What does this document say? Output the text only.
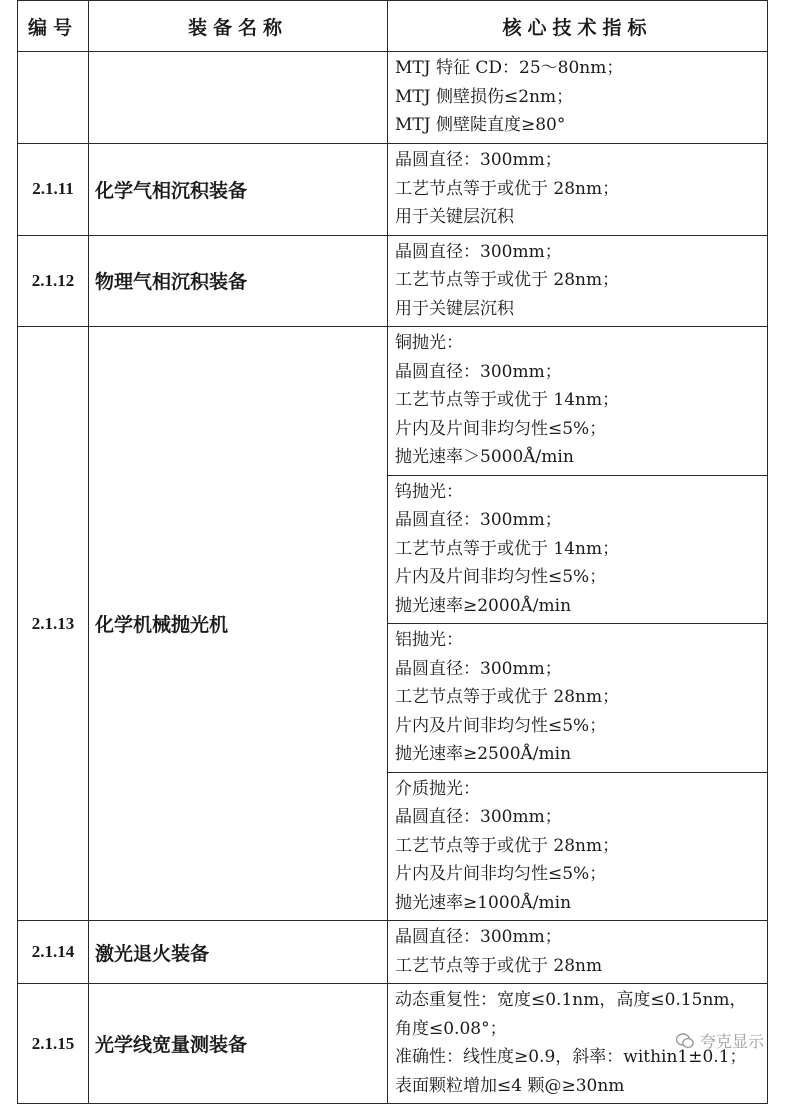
编号	装备名称	核心技术指标

		MTJ 特征 CD：25～80nm；
MTJ 侧壁损伤≤2nm；
MTJ 侧壁陡直度≥80°

2.1.11	化学气相沉积装备	晶圆直径：300mm；
工艺节点等于或优于 28nm；
用于关键层沉积

2.1.12	物理气相沉积装备	晶圆直径：300mm；
工艺节点等于或优于 28nm；
用于关键层沉积

2.1.13	化学机械抛光机	铜抛光：
晶圆直径：300mm；
工艺节点等于或优于 14nm；
片内及片间非均匀性≤5%；
抛光速率＞5000Å/min

		钨抛光：
晶圆直径：300mm；
工艺节点等于或优于 14nm；
片内及片间非均匀性≤5%；
抛光速率≥2000Å/min

		铝抛光：
晶圆直径：300mm；
工艺节点等于或优于 28nm；
片内及片间非均匀性≤5%；
抛光速率≥2500Å/min

		介质抛光：
晶圆直径：300mm；
工艺节点等于或优于 28nm；
片内及片间非均匀性≤5%；
抛光速率≥1000Å/min

2.1.14	激光退火装备	晶圆直径：300mm；
工艺节点等于或优于 28nm

2.1.15	光学线宽量测装备	动态重复性：宽度≤0.1nm，高度≤0.15nm，
角度≤0.08°；
准确性：线性度≥0.9，斜率：within1±0.1；
表面颗粒增加≤4 颗@≥30nm
夸克显示
